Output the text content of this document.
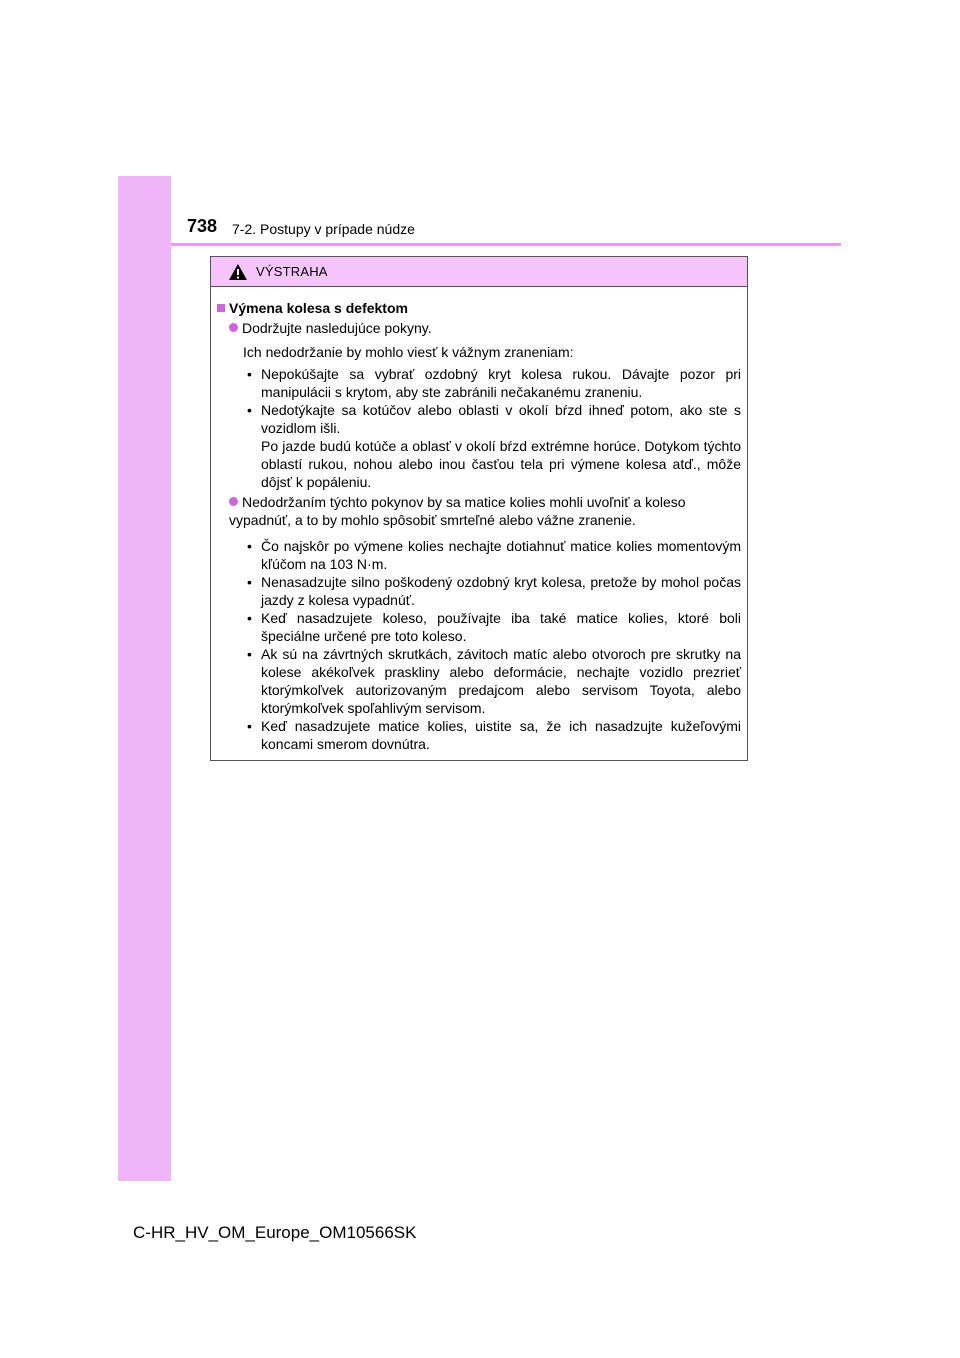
738 7-2. Postupy v prípade núdze
VÝSTRAHA
Výmena kolesa s defektom
Dodržujte nasledujúce pokyny.
Ich nedodržanie by mohlo viesť k vážnym zraneniam:
• Nepokúšajte sa vybrať ozdobný kryt kolesa rukou. Dávajte pozor pri manipulácii s krytom, aby ste zabránili nečakanému zraneniu.
• Nedotýkajte sa kotúčov alebo oblasti v okolí bŕzd ihneď potom, ako ste s vozidlom išli.
Po jazde budú kotúče a oblasť v okolí bŕzd extrémne horúce. Dotykom týchto oblastí rukou, nohou alebo inou časťou tela pri výmene kolesa atď., môže dôjsť k popáleniu.
Nedodržaním týchto pokynov by sa matice kolies mohli uvoľniť a koleso
vypadnúť, a to by mohlo spôsobiť smrteľné alebo vážne zranenie.
• Čo najskôr po výmene kolies nechajte dotiahnuť matice kolies momentovým kľúčom na 103 N·m.
• Nenasadzujte silno poškodený ozdobný kryt kolesa, pretože by mohol počas jazdy z kolesa vypadnúť.
• Keď nasadzujete koleso, používajte iba také matice kolies, ktoré boli špeciálne určené pre toto koleso.
• Ak sú na závrtných skrutkách, závitoch matíc alebo otvoroch pre skrutky na kolese akékoľvek praskliny alebo deformácie, nechajte vozidlo prezrieť ktorýmkoľvek autorizovaným predajcom alebo servisom Toyota, alebo ktorýmkoľvek spoľahlivým servisom.
• Keď nasadzujete matice kolies, uistite sa, že ich nasadzujte kužeľovými koncami smerom dovnútra.
C-HR_HV_OM_Europe_OM10566SK
